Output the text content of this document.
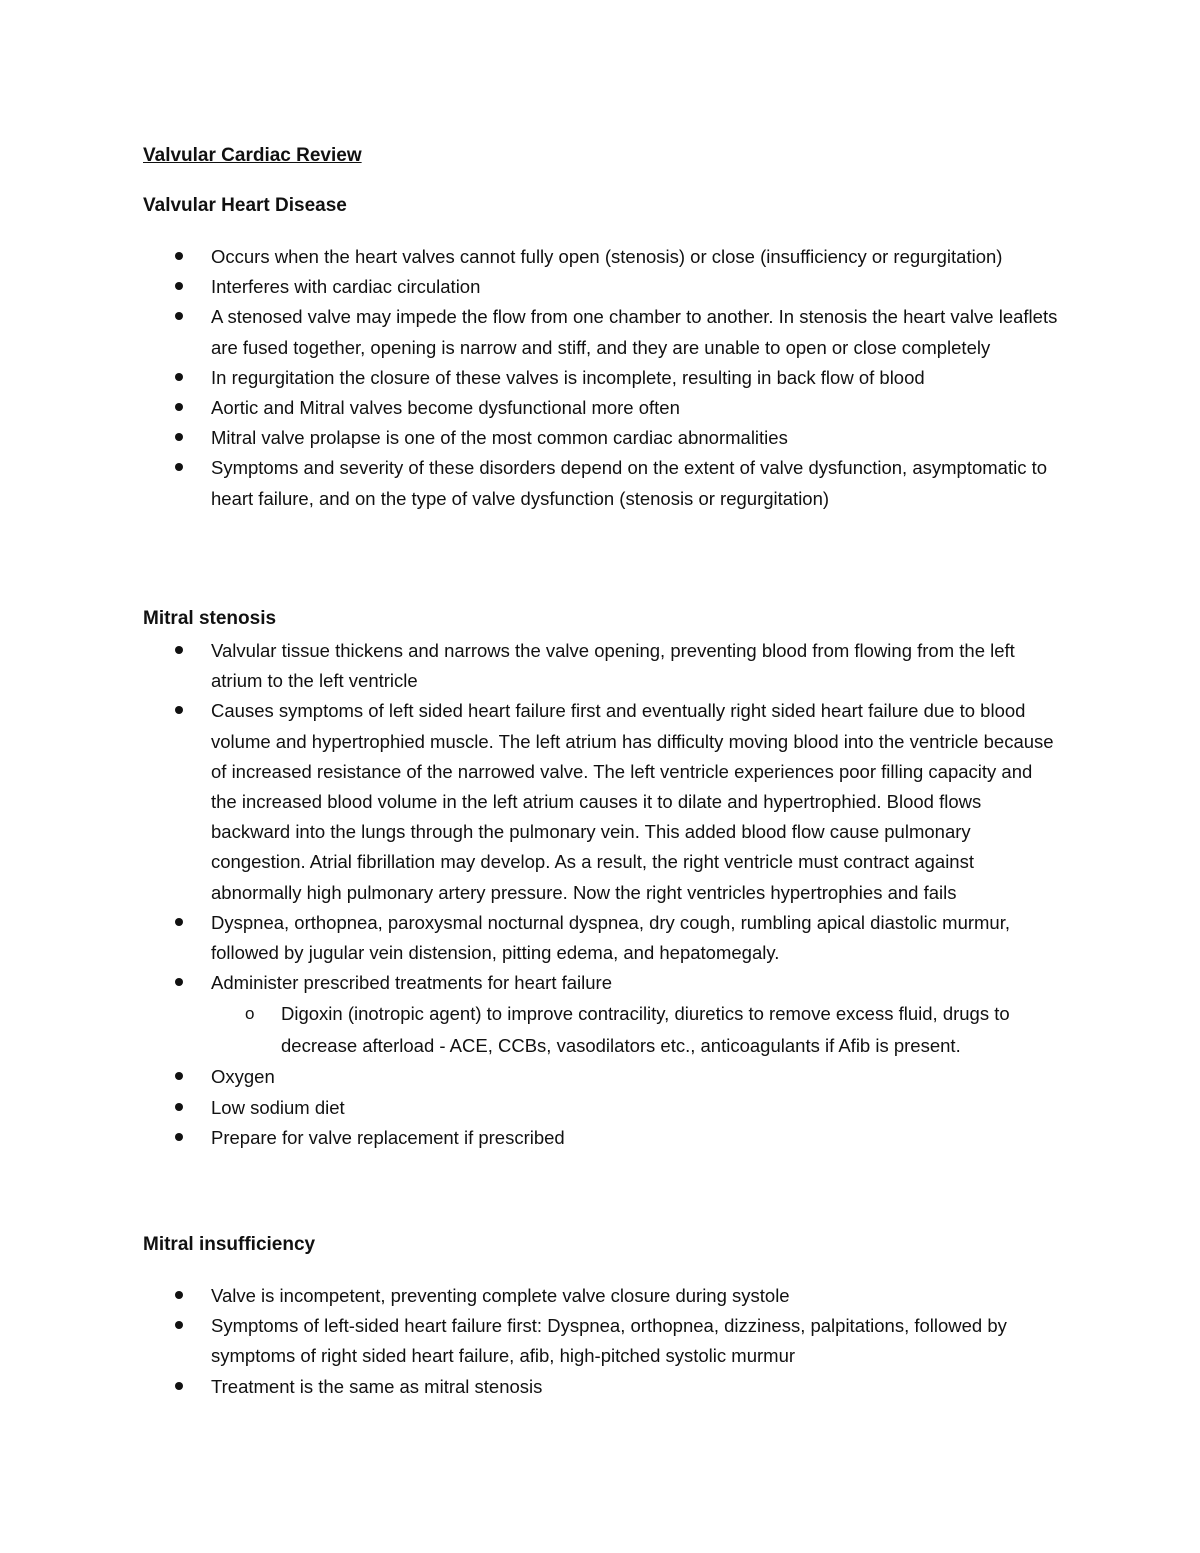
Valvular Cardiac Review

Valvular Heart Disease

Occurs when the heart valves cannot fully open (stenosis) or close (insufficiency or regurgitation)
Interferes with cardiac circulation
A stenosed valve may impede the flow from one chamber to another. In stenosis the heart valve leaflets are fused together, opening is narrow and stiff, and they are unable to open or close completely
In regurgitation the closure of these valves is incomplete, resulting in back flow of blood
Aortic and Mitral valves become dysfunctional more often
Mitral valve prolapse is one of the most common cardiac abnormalities
Symptoms and severity of these disorders depend on the extent of valve dysfunction, asymptomatic to heart failure, and on the type of valve dysfunction (stenosis or regurgitation)

Mitral stenosis

Valvular tissue thickens and narrows the valve opening, preventing blood from flowing from the left atrium to the left ventricle
Causes symptoms of left sided heart failure first and eventually right sided heart failure due to blood volume and hypertrophied muscle. The left atrium has difficulty moving blood into the ventricle because of increased resistance of the narrowed valve. The left ventricle experiences poor filling capacity and the increased blood volume in the left atrium causes it to dilate and hypertrophied. Blood flows backward into the lungs through the pulmonary vein. This added blood flow cause pulmonary congestion. Atrial fibrillation may develop. As a result, the right ventricle must contract against abnormally high pulmonary artery pressure. Now the right ventricles hypertrophies and fails
Dyspnea, orthopnea, paroxysmal nocturnal dyspnea, dry cough, rumbling apical diastolic murmur, followed by jugular vein distension, pitting edema, and hepatomegaly.
Administer prescribed treatments for heart failure
o Digoxin (inotropic agent) to improve contracility, diuretics to remove excess fluid, drugs to decrease afterload - ACE, CCBs, vasodilators etc., anticoagulants if Afib is present.
Oxygen
Low sodium diet
Prepare for valve replacement if prescribed

Mitral insufficiency

Valve is incompetent, preventing complete valve closure during systole
Symptoms of left-sided heart failure first: Dyspnea, orthopnea, dizziness, palpitations, followed by symptoms of right sided heart failure, afib, high-pitched systolic murmur
Treatment is the same as mitral stenosis
